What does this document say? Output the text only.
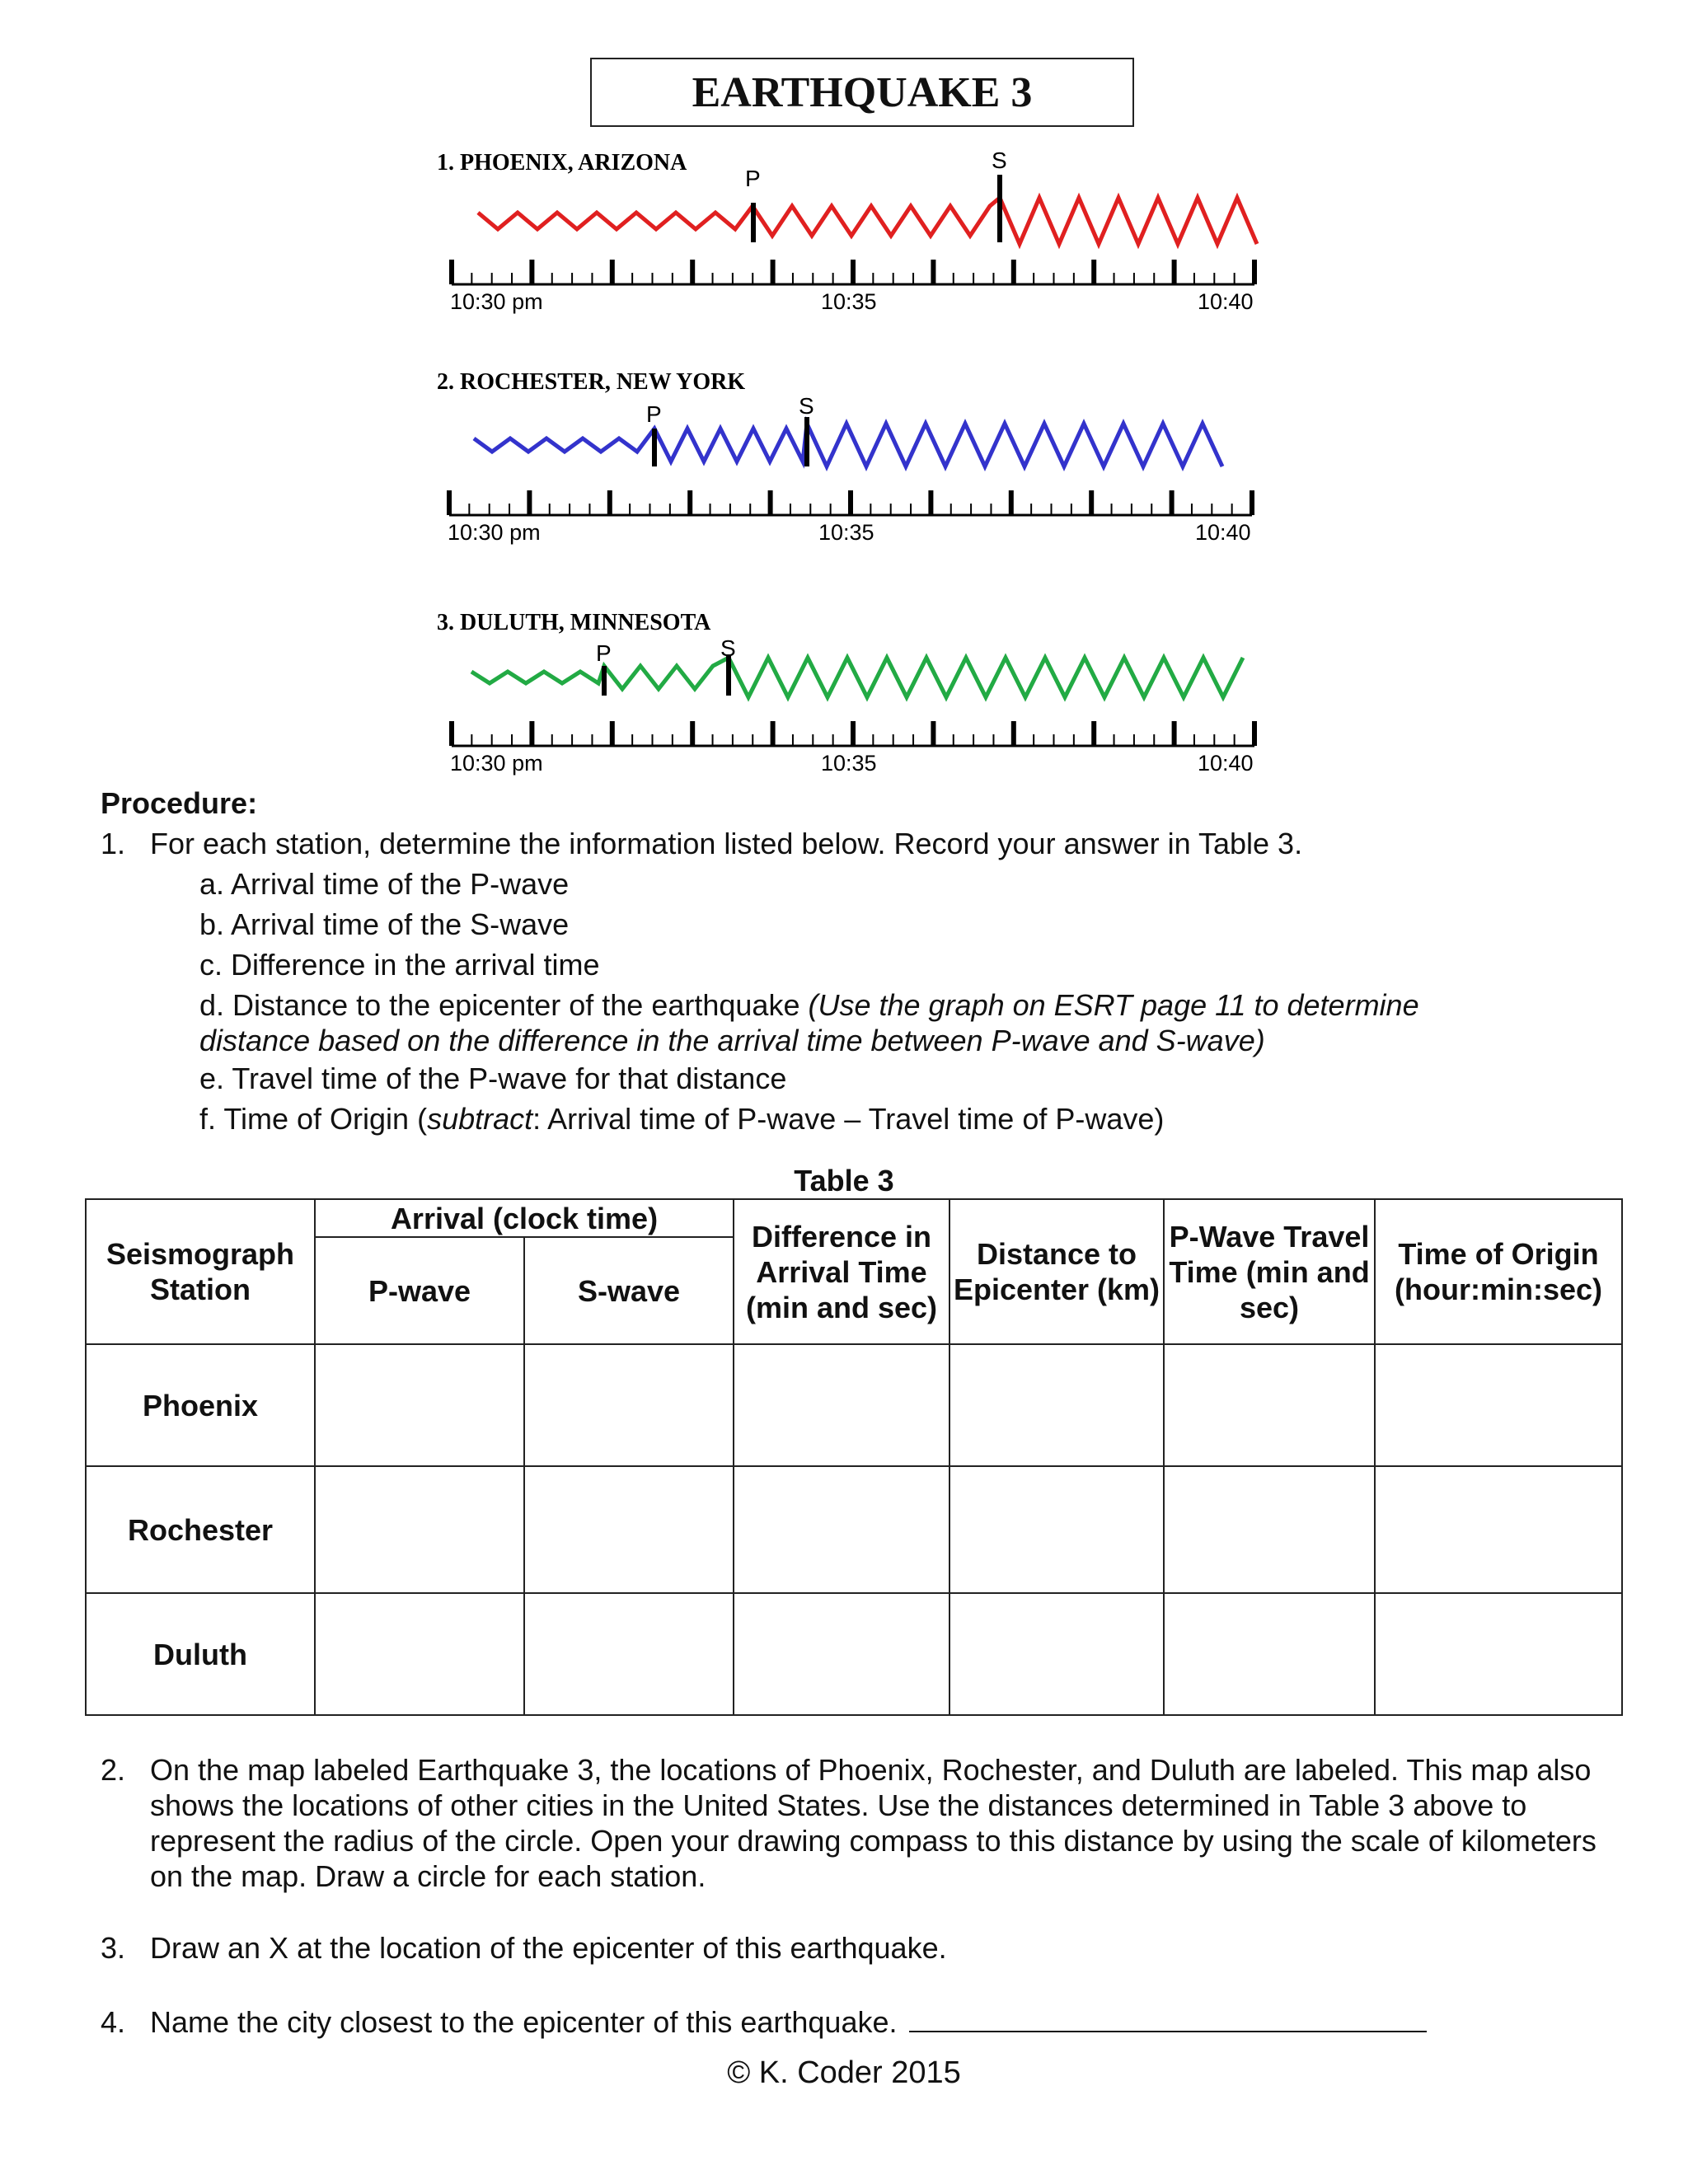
EARTHQUAKE 3
1. PHOENIX, ARIZONA
P
S
10:30 pm	10:35	10:40
2. ROCHESTER, NEW YORK
P	S
10:30 pm	10:35	10:40
3. DULUTH, MINNESOTA
P	S
10:30 pm	10:35	10:40
Procedure:
1. For each station, determine the information listed below. Record your answer in Table 3.
a. Arrival time of the P-wave
b. Arrival time of the S-wave
c. Difference in the arrival time
d. Distance to the epicenter of the earthquake (Use the graph on ESRT page 11 to determine
distance based on the difference in the arrival time between P-wave and S-wave)
e. Travel time of the P-wave for that distance
f. Time of Origin (subtract: Arrival time of P-wave – Travel time of P-wave)
Table 3
Seismograph Station	Arrival (clock time)		Difference in Arrival Time (min and sec)	Distance to Epicenter (km)	P-Wave Travel Time (min and sec)	Time of Origin (hour:min:sec)
	P-wave	S-wave				
Phoenix						
Rochester						
Duluth						
2. On the map labeled Earthquake 3, the locations of Phoenix, Rochester, and Duluth are labeled. This map also shows the locations of other cities in the United States. Use the distances determined in Table 3 above to represent the radius of the circle. Open your drawing compass to this distance by using the scale of kilometers on the map. Draw a circle for each station.
3. Draw an X at the location of the epicenter of this earthquake.
4. Name the city closest to the epicenter of this earthquake.
© K. Coder 2015
